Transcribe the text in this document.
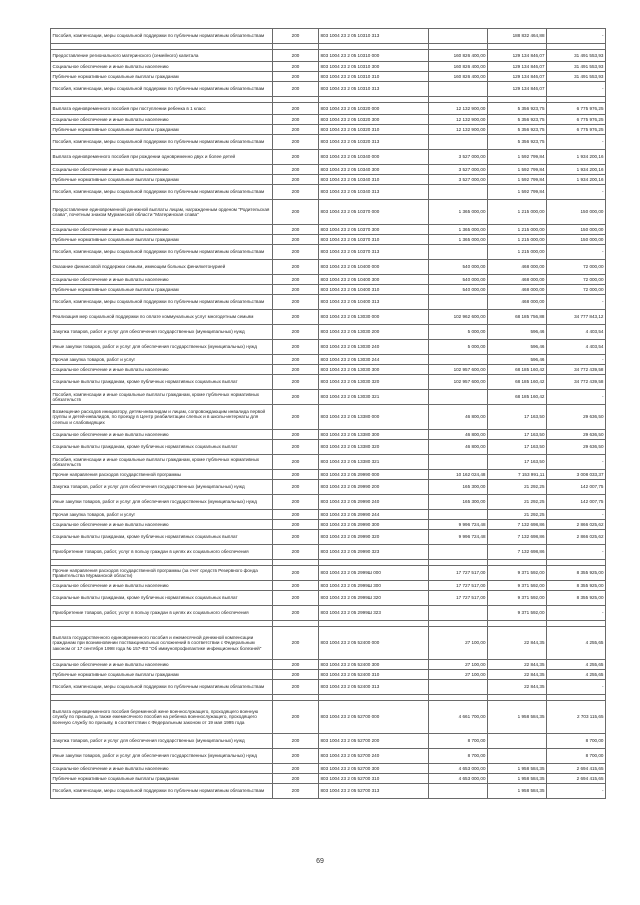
Пособия, компенсации, меры социальной поддержки по публичным нормативным обязательствам	200	803 1004 23 2 05 10310 313		188 832 464,88	-

Предоставление регионального материнского (семейного) капитала	200	803 1004 23 2 05 10310 000	160 826 400,00	129 134 846,07	31 491 553,93
Социальное обеспечение и иные выплаты населению	200	803 1004 23 2 05 10310 300	160 826 400,00	129 134 846,07	31 491 553,93
Публичные нормативные социальные выплаты гражданам	200	803 1004 23 2 05 10310 310	160 826 400,00	129 134 846,07	31 491 553,93
Пособия, компенсации, меры социальной поддержки по публичным нормативным обязательствам	200	803 1004 23 2 05 10310 313		129 134 846,07	-

Выплата единовременного пособия при поступлении ребенка в 1 класс	200	803 1004 23 2 05 10320 000	12 132 900,00	5 356 923,75	6 775 976,25
Социальное обеспечение и иные выплаты населению	200	803 1004 23 2 05 10320 300	12 132 900,00	5 356 923,75	6 775 976,25
Публичные нормативные социальные выплаты гражданам	200	803 1004 23 2 05 10320 310	12 132 900,00	5 356 923,75	6 775 976,25
Пособия, компенсации, меры социальной поддержки по публичным нормативным обязательствам	200	803 1004 23 2 05 10320 313		5 356 923,75	-
Выплата единовременного пособия при рождении одновременно двух и более детей	200	803 1004 23 2 05 10340 000	3 527 000,00	1 592 799,84	1 934 200,16
Социальное обеспечение и иные выплаты населению	200	803 1004 23 2 05 10340 300	3 527 000,00	1 592 799,84	1 934 200,16
Публичные нормативные социальные выплаты гражданам	200	803 1004 23 2 05 10340 310	3 527 000,00	1 592 799,84	1 934 200,16
Пособия, компенсации, меры социальной поддержки по публичным нормативным обязательствам	200	803 1004 23 2 05 10340 313		1 592 799,84	-
Предоставление единовременной денежной выплаты лицам, награжденным орденом "Родительская слава", почетным знаком Мурманской области "Материнская слава"	200	803 1004 23 2 05 10370 000	1 365 000,00	1 215 000,00	150 000,00
Социальное обеспечение и иные выплаты населению	200	803 1004 23 2 05 10370 300	1 365 000,00	1 215 000,00	150 000,00
Публичные нормативные социальные выплаты гражданам	200	803 1004 23 2 05 10370 310	1 365 000,00	1 215 000,00	150 000,00
Пособия, компенсации, меры социальной поддержки по публичным нормативным обязательствам	200	803 1004 23 2 05 10370 313		1 215 000,00	-
Оказание финансовой поддержки семьям, имеющим больных фенилкетонурией	200	803 1004 23 2 05 10400 000	540 000,00	468 000,00	72 000,00
Социальное обеспечение и иные выплаты населению	200	803 1004 23 2 05 10400 300	540 000,00	468 000,00	72 000,00
Публичные нормативные социальные выплаты гражданам	200	803 1004 23 2 05 10400 310	540 000,00	468 000,00	72 000,00
Пособия, компенсации, меры социальной поддержки по публичным нормативным обязательствам	200	803 1004 23 2 05 10400 313		468 000,00	-
Реализация мер социальной поддержки по оплате коммунальных услуг многодетным семьям	200	803 1004 23 2 05 13030 000	102 962 600,00	68 185 756,88	34 777 843,12
Закупка товаров, работ и услуг для обеспечения государственных (муниципальных) нужд	200	803 1004 23 2 05 13030 200	5 000,00	596,46	4 403,54
Иные закупки товаров, работ и услуг для обеспечения государственных (муниципальных) нужд	200	803 1004 23 2 05 13030 240	5 000,00	596,46	4 403,54
Прочая закупка товаров, работ и услуг	200	803 1004 23 2 05 13030 244		596,46	-
Социальное обеспечение и иные выплаты населению	200	803 1004 23 2 05 13030 300	102 957 600,00	68 185 160,42	34 772 439,58
Социальные выплаты гражданам, кроме публичных нормативных социальных выплат	200	803 1004 23 2 05 13030 320	102 957 600,00	68 185 160,42	34 772 439,58
Пособия, компенсации и иные социальные выплаты гражданам, кроме публичных нормативных обязательств	200	803 1004 23 2 05 13030 321		68 185 160,42	-
Возмещение расходов инициатору, детям-инвалидам и лицам, сопровождающим инвалида первой группы и детей-инвалидов, по проезду в Центр реабилитации слепых и в школы-интернаты для слепых и слабовидящих	200	803 1004 23 2 05 13380 000	46 800,00	17 163,50	29 636,50
Социальное обеспечение и иные выплаты населению	200	803 1004 23 2 05 13380 300	46 800,00	17 163,50	29 636,50
Социальные выплаты гражданам, кроме публичных нормативных социальных выплат	200	803 1004 23 2 05 13380 320	46 800,00	17 163,50	29 636,50
Пособия, компенсации и иные социальные выплаты гражданам, кроме публичных нормативных обязательств	200	803 1004 23 2 05 13380 321		17 163,50	-
Прочие направления расходов государственной программы	200	803 1004 23 2 05 29990 000	10 162 024,48	7 153 991,11	3 008 033,37
Закупка товаров, работ и услуг для обеспечения государственных (муниципальных) нужд	200	803 1004 23 2 05 29990 200	165 300,00	21 292,25	142 007,75
Иные закупки товаров, работ и услуг для обеспечения государственных (муниципальных) нужд	200	803 1004 23 2 05 29990 240	165 300,00	21 292,25	142 007,75
Прочая закупка товаров, работ и услуг	200	803 1004 23 2 05 29990 244		21 292,25	-
Социальное обеспечение и иные выплаты населению	200	803 1004 23 2 05 29990 300	9 996 724,48	7 132 698,86	2 866 025,62
Социальные выплаты гражданам, кроме публичных нормативных социальных выплат	200	803 1004 23 2 05 29990 320	9 996 724,48	7 132 698,86	2 866 025,62
Приобретение товаров, работ, услуг в пользу граждан в целях их социального обеспечения	200	803 1004 23 2 05 29990 323		7 132 698,86	-

Прочие направления расходов государственной программы (за счет средств Резервного фонда Правительства Мурманской области)	200	803 1004 23 2 05 2999Ш 000	17 727 517,00	9 371 592,00	8 355 925,00
Социальное обеспечение и иные выплаты населению	200	803 1004 23 2 05 2999Ш 300	17 727 517,00	9 371 592,00	8 355 925,00
Социальные выплаты гражданам, кроме публичных нормативных социальных выплат	200	803 1004 23 2 05 2999Ш 320	17 727 517,00	9 371 592,00	8 355 925,00
Приобретение товаров, работ, услуг в пользу граждан в целях их социального обеспечения	200	803 1004 23 2 05 2999Ш 323		9 371 592,00	-

Выплата государственного единовременного пособия и ежемесячной денежной компенсации гражданам при возникновении поствакцинальных осложнений в соответствии с Федеральным законом от 17 сентября 1998 года № 157-ФЗ "Об иммунопрофилактике инфекционных болезней"	200	803 1004 23 2 05 52400 000	27 100,00	22 844,35	4 255,65
Социальное обеспечение и иные выплаты населению	200	803 1004 23 2 05 52400 300	27 100,00	22 844,35	4 255,65
Публичные нормативные социальные выплаты гражданам	200	803 1004 23 2 05 52400 310	27 100,00	22 844,35	4 255,65
Пособия, компенсации, меры социальной поддержки по публичным нормативным обязательствам	200	803 1004 23 2 05 52400 313		22 844,35	-

Выплата единовременного пособия беременной жене военнослужащего, проходящего военную службу по призыву, а также ежемесячного пособия на ребенка военнослужащего, проходящего военную службу по призыву, в соответствии с Федеральным законом от 19 мая 1995 года	200	803 1004 23 2 05 52700 000	4 661 700,00	1 958 584,35	2 703 115,65
Закупка товаров, работ и услуг для обеспечения государственных (муниципальных) нужд	200	803 1004 23 2 05 52700 200	8 700,00		8 700,00
Иные закупки товаров, работ и услуг для обеспечения государственных (муниципальных) нужд	200	803 1004 23 2 05 52700 240	8 700,00		8 700,00
Социальное обеспечение и иные выплаты населению	200	803 1004 23 2 05 52700 300	4 653 000,00	1 958 584,35	2 694 415,65
Публичные нормативные социальные выплаты гражданам	200	803 1004 23 2 05 52700 310	4 653 000,00	1 958 584,35	2 694 415,65
Пособия, компенсации, меры социальной поддержки по публичным нормативным обязательствам	200	803 1004 23 2 05 52700 313		1 958 584,35	-
69
